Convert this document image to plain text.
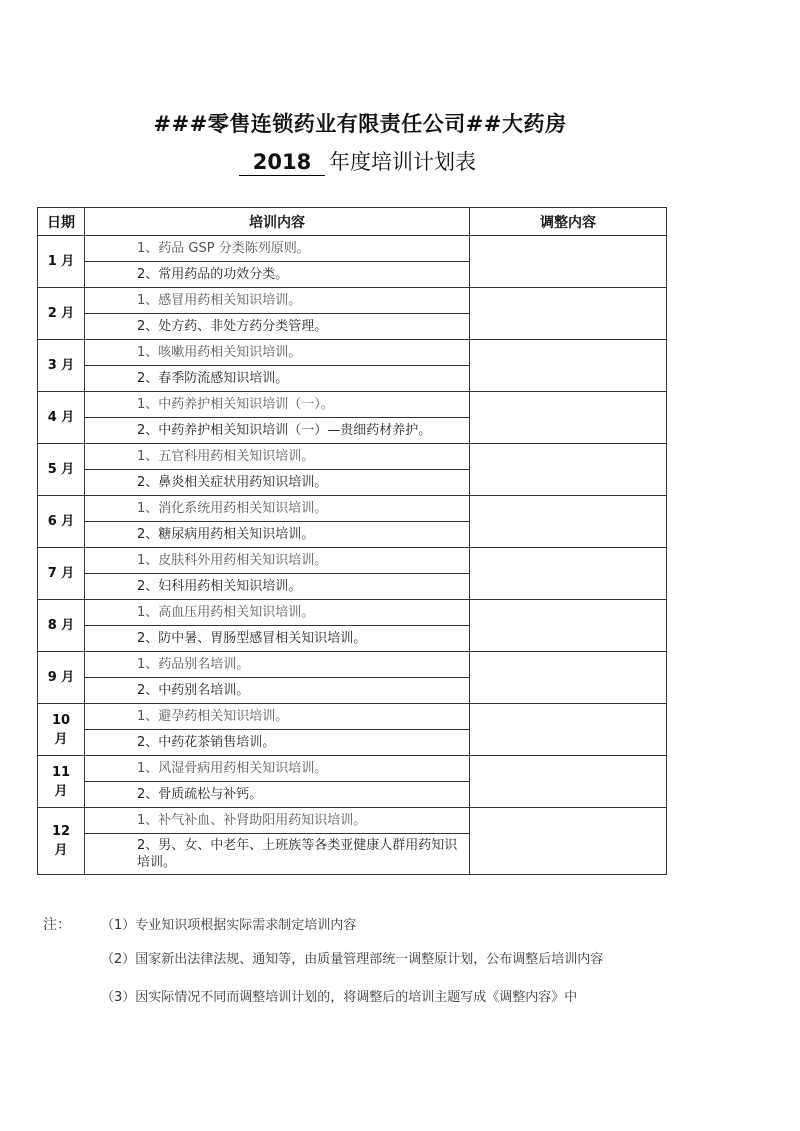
###零售连锁药业有限责任公司##大药房
2018 年度培训计划表
日期	培训内容	调整内容
1 月	1、药品 GSP 分类陈列原则。	
	2、常用药品的功效分类。	
2 月	1、感冒用药相关知识培训。	
	2、处方药、非处方药分类管理。	
3 月	1、咳嗽用药相关知识培训。	
	2、春季防流感知识培训。	
4 月	1、中药养护相关知识培训（一）。	
	2、中药养护相关知识培训（一）—贵细药材养护。	
5 月	1、五官科用药相关知识培训。	
	2、鼻炎相关症状用药知识培训。	
6 月	1、消化系统用药相关知识培训。	
	2、糖尿病用药相关知识培训。	
7 月	1、皮肤科外用药相关知识培训。	
	2、妇科用药相关知识培训。	
8 月	1、高血压用药相关知识培训。	
	2、防中暑、胃肠型感冒相关知识培训。	
9 月	1、药品别名培训。	
	2、中药别名培训。	

10
月	1、避孕药相关知识培训。	
	2、中药花茶销售培训。	

11
月	1、风湿骨病用药相关知识培训。	
	2、骨质疏松与补钙。	

12
月	1、补气补血、补肾助阳用药知识培训。	
	2、男、女、中老年、上班族等各类亚健康人群用药知识培训。	
注：	（1）专业知识项根据实际需求制定培训内容
（2）国家新出法律法规、通知等，由质量管理部统一调整原计划，公布调整后培训内容
（3）因实际情况不同而调整培训计划的，将调整后的培训主题写成《调整内容》中
